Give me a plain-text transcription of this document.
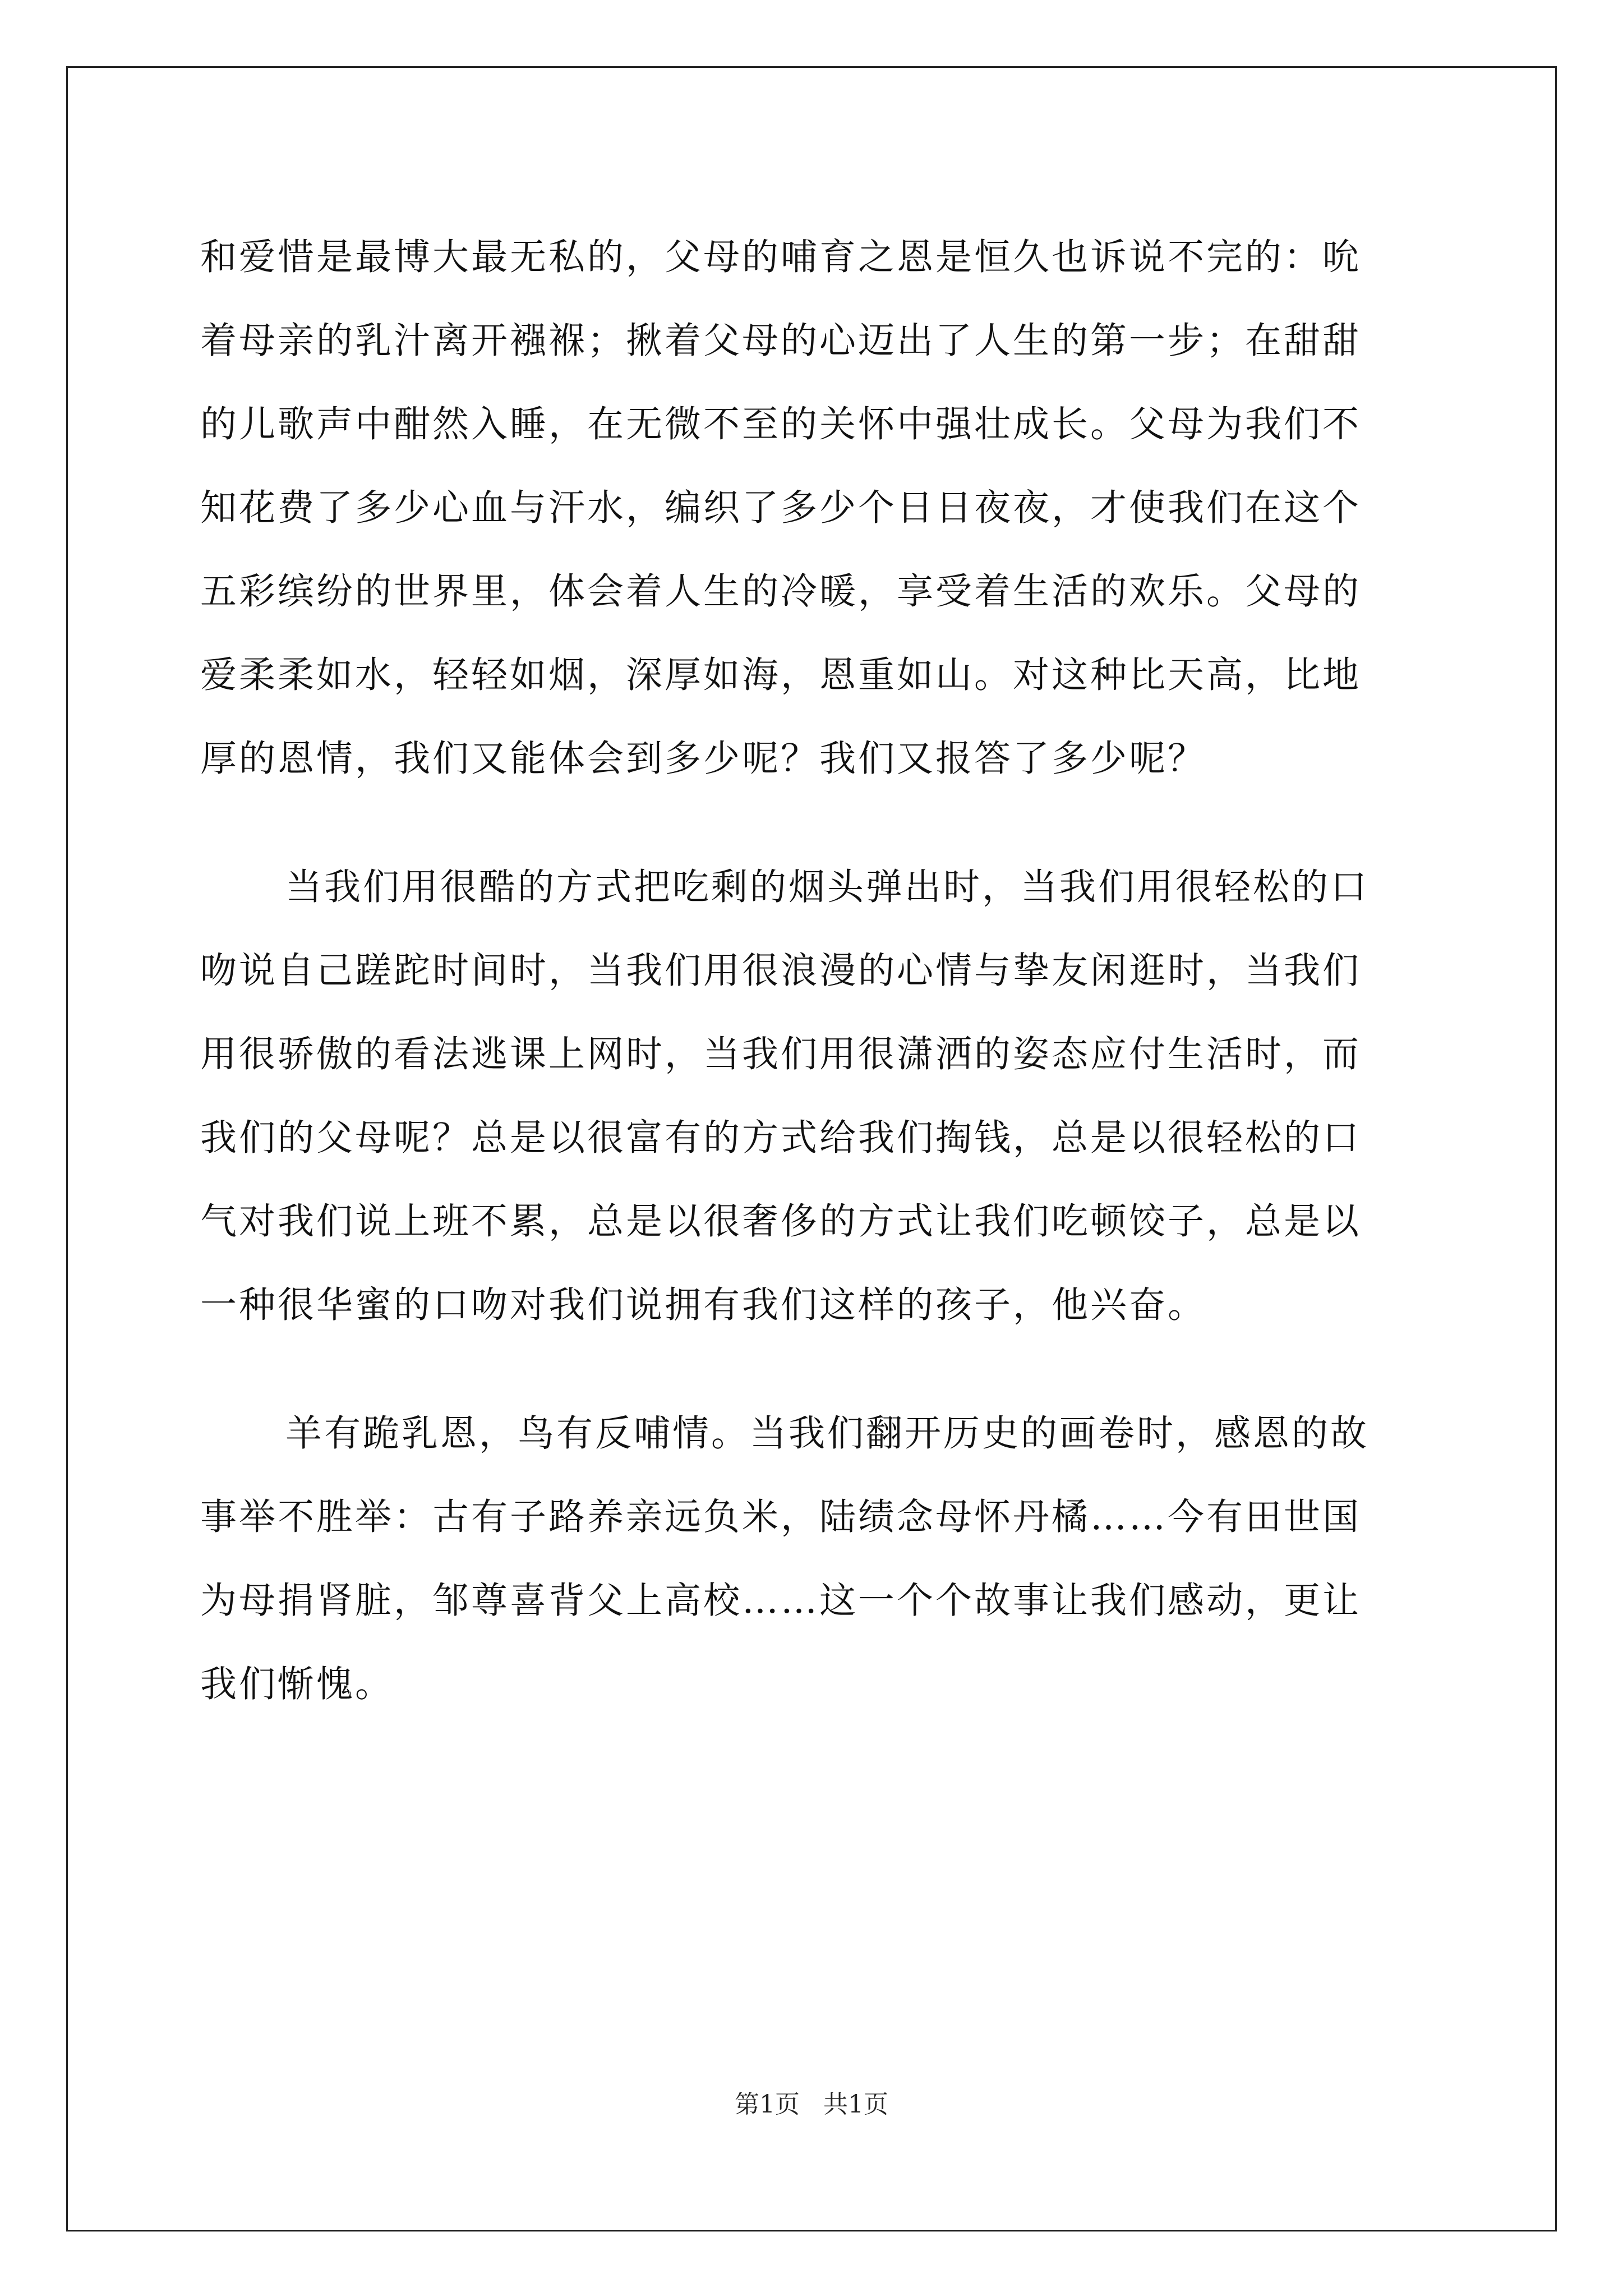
和爱惜是最博大最无私的，父母的哺育之恩是恒久也诉说不完的：吮
着母亲的乳汁离开襁褓；揪着父母的心迈出了人生的第一步；在甜甜
的儿歌声中酣然入睡，在无微不至的关怀中强壮成长。父母为我们不
知花费了多少心血与汗水，编织了多少个日日夜夜，才使我们在这个
五彩缤纷的世界里，体会着人生的冷暖，享受着生活的欢乐。父母的
爱柔柔如水，轻轻如烟，深厚如海，恩重如山。对这种比天高，比地
厚的恩情，我们又能体会到多少呢？我们又报答了多少呢？
当我们用很酷的方式把吃剩的烟头弹出时，当我们用很轻松的口
吻说自己蹉跎时间时，当我们用很浪漫的心情与挚友闲逛时，当我们
用很骄傲的看法逃课上网时，当我们用很潇洒的姿态应付生活时，而
我们的父母呢？总是以很富有的方式给我们掏钱，总是以很轻松的口
气对我们说上班不累，总是以很奢侈的方式让我们吃顿饺子，总是以
一种很华蜜的口吻对我们说拥有我们这样的孩子，他兴奋。
羊有跪乳恩，鸟有反哺情。当我们翻开历史的画卷时，感恩的故
事举不胜举：古有子路养亲远负米，陆绩念母怀丹橘……今有田世国
为母捐肾脏，邹尊喜背父上高校……这一个个故事让我们感动，更让
我们惭愧。
第1页   共1页
